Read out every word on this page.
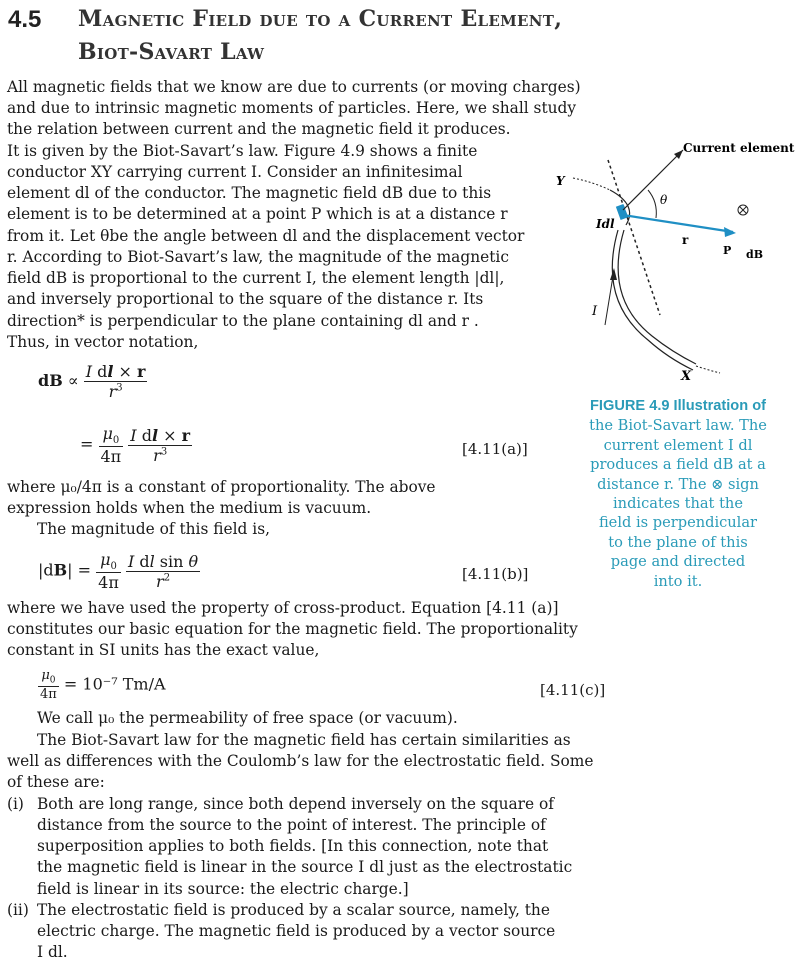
4.5 Magnetic Field due to a Current Element,
Biot-Savart Law
All magnetic fields that we know are due to currents (or moving charges)
and due to intrinsic magnetic moments of particles. Here, we shall study
the relation between current and the magnetic field it produces.
It is given by the Biot-Savart’s law. Figure 4.9 shows a finite
conductor XY carrying current I. Consider an infinitesimal
element dl of the conductor. The magnetic field dB due to this
element is to be determined at a point P which is at a distance r
from it. Let θbe the angle between dl and the displacement vector
r. According to Biot-Savart’s law, the magnitude of the magnetic
field dB is proportional to the current I, the element length |dl|,
and inversely proportional to the square of the distance r. Its
direction* is perpendicular to the plane containing dl and r .
Thus, in vector notation,
dB ∝ $\frac{\text{I dl × r}}{r^3}$
= $\frac{\mu_0}{4\pi}$
$\frac{\text{I dl × r}}{r^3}$	[4.11(a)]
where μ₀/4π is a constant of proportionality. The above
expression holds when the medium is vacuum.
The magnitude of this field is,
$|dB| = \frac{\mu_0}{4\pi}$
$\frac{\text{I dl sin θ}}{r^2}$	[4.11(b)]
where we have used the property of cross-product. Equation [4.11 (a)]
constitutes our basic equation for the magnetic field. The proportionality
constant in SI units has the exact value,
$\frac{\mu_0}{4\pi} = 10^{-7}$ Tm/A	[4.11(c)]
We call μ₀ the permeability of free space (or vacuum).
The Biot-Savart law for the magnetic field has certain similarities as
well as differences with the Coulomb’s law for the electrostatic field. Some
of these are:
(i) Both are long range, since both depend inversely on the square of
distance from the source to the point of interest. The principle of
superposition applies to both fields. [In this connection, note that
the magnetic field is linear in the source I dl just as the electrostatic
field is linear in its source: the electric charge.]
(ii) The electrostatic field is produced by a scalar source, namely, the
electric charge. The magnetic field is produced by a vector source
I dl.
Current element
Y
X
Idl
θ
r
P dB
I
FIGURE 4.9 Illustration of
the Biot-Savart law. The
current element I dl
produces a field dB at a
distance r. The ⊗ sign
indicates that the
field is perpendicular
to the plane of this
page and directed
into it.
